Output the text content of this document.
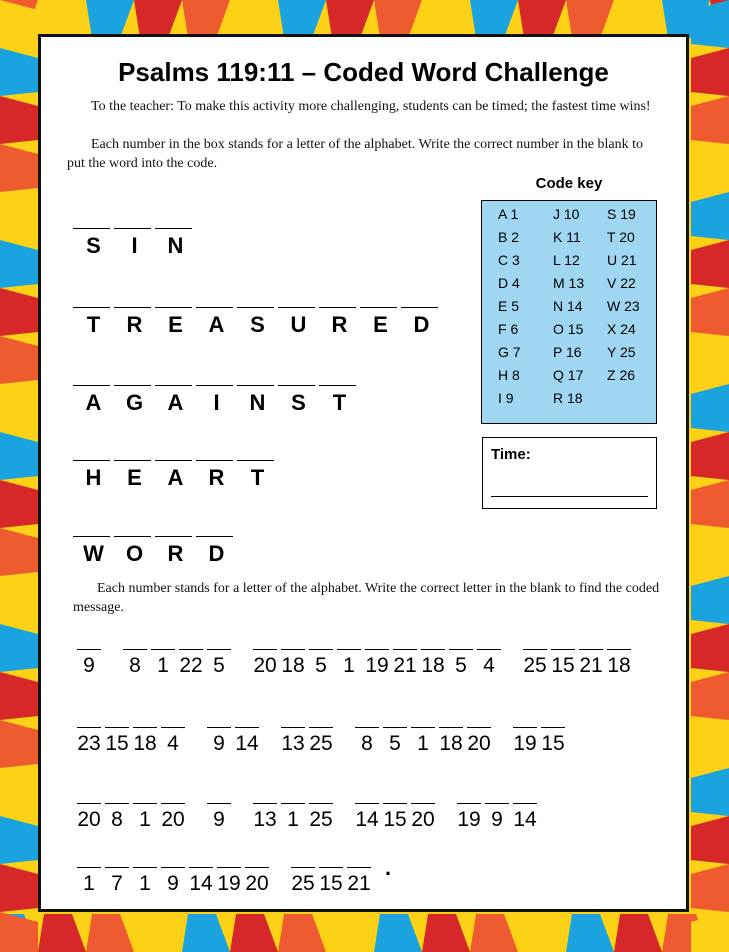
Psalms 119:11 – Coded Word Challenge

To the teacher: To make this activity more challenging, students can be timed; the fastest time wins!

Each number in the box stands for a letter of the alphabet. Write the correct number in the blank to put the word into the code.

S	I	N
T	R	E	A	S	U	R	E	D
A	G	A	I	N	S	T
H	E	A	R	T
W	O	R	D
Code key
A 1	J 10	S 19
B 2	K 11	T 20
C 3	L 12	U 21
D 4	M 13	V 22
E 5	N 14	W 23
F 6	O 15	X 24
G 7	P 16	Y 25
H 8	Q 17	Z 26
I 9	R 18
Time:

Each number stands for a letter of the alphabet. Write the correct letter in the blank to find the coded message.

9 8 1 22 5 20 18 5 1 19 21 18 5 4 25 15 21 18
23 15 18 4 9 14 13 25 8 5 1 18 20 19 15
20 8 1 20 9 13 1 25 14 15 20 19 9 14
1 7 1 9 14 19 20 25 15 21
.
